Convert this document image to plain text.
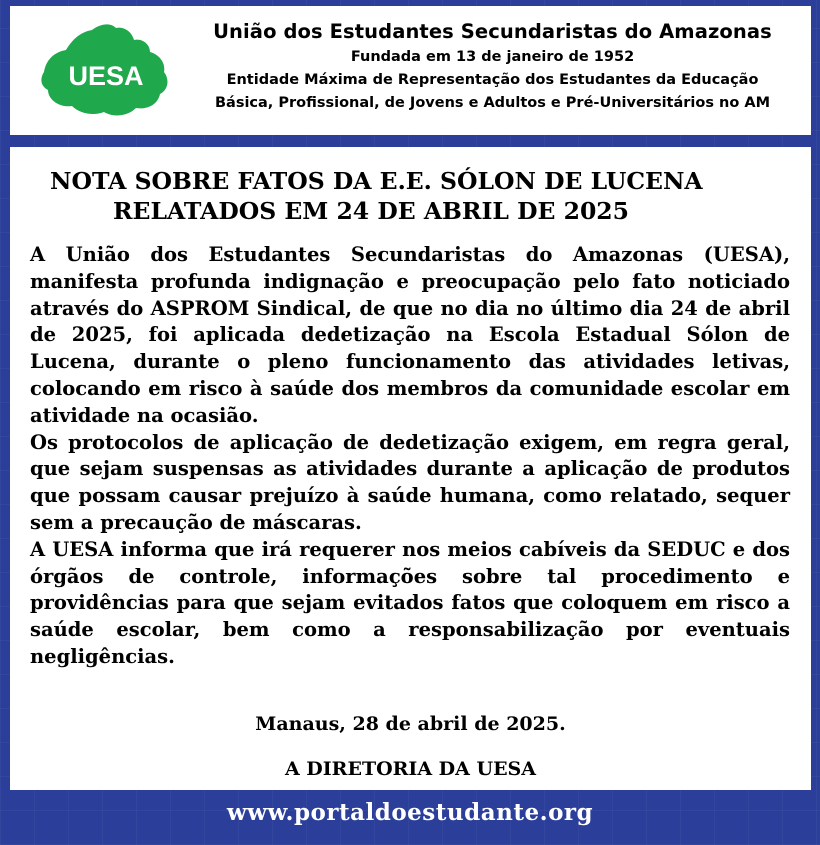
UESA
União dos Estudantes Secundaristas do Amazonas
Fundada em 13 de janeiro de 1952
Entidade Máxima de Representação dos Estudantes da Educação
Básica, Profissional, de Jovens e Adultos e Pré-Universitários no AM
NOTA SOBRE FATOS DA E.E. SÓLON DE LUCENA
RELATADOS EM 24 DE ABRIL DE 2025

A União dos Estudantes Secundaristas do Amazonas (UESA), manifesta profunda indignação e preocupação pelo fato noticiado através do ASPROM Sindical, de que no dia no último dia 24 de abril de 2025, foi aplicada dedetização na Escola Estadual Sólon de Lucena, durante o pleno funcionamento das atividades letivas, colocando em risco à saúde dos membros da comunidade escolar em atividade na ocasião.

Os protocolos de aplicação de dedetização exigem, em regra geral, que sejam suspensas as atividades durante a aplicação de produtos que possam causar prejuízo à saúde humana, como relatado, sequer sem a precaução de máscaras.

A UESA informa que irá requerer nos meios cabíveis da SEDUC e dos órgãos de controle, informações sobre tal procedimento e providências para que sejam evitados fatos que coloquem em risco a saúde escolar, bem como a responsabilização por eventuais negligências.

Manaus, 28 de abril de 2025.
A DIRETORIA DA UESA
www.portaldoestudante.org
